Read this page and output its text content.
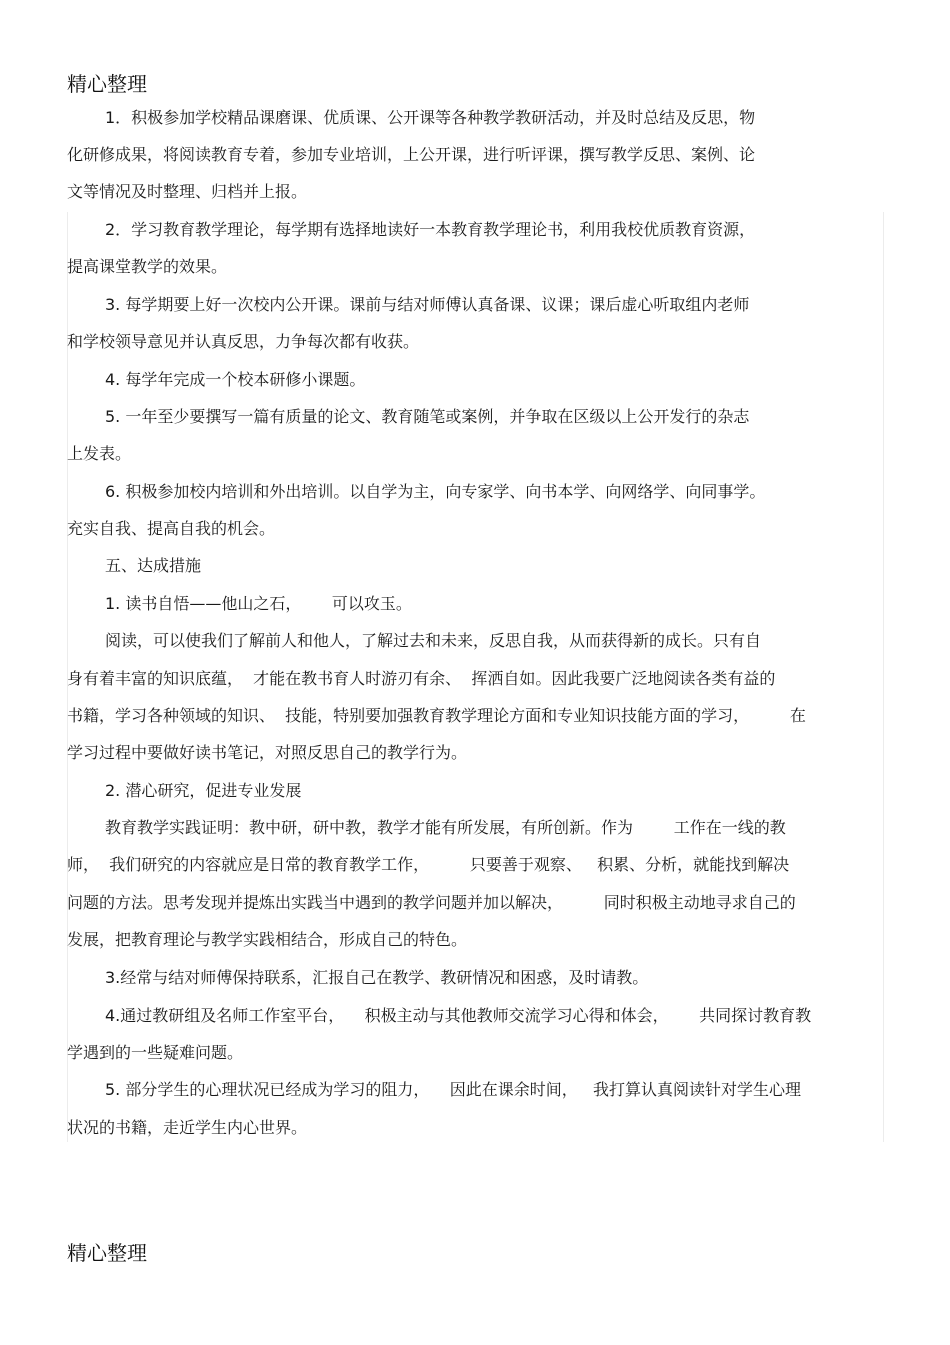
精心整理
1．积极参加学校精品课磨课、优质课、公开课等各种教学教研活动，并及时总结及反思，物
化研修成果，将阅读教育专着，参加专业培训，上公开课，进行听评课，撰写教学反思、案例、论
文等情况及时整理、归档并上报。
2．学习教育教学理论，每学期有选择地读好一本教育教学理论书，利用我校优质教育资源，
提高课堂教学的效果。
3. 每学期要上好一次校内公开课。课前与结对师傅认真备课、议课；课后虚心听取组内老师
和学校领导意见并认真反思，力争每次都有收获。
4. 每学年完成一个校本研修小课题。
5. 一年至少要撰写一篇有质量的论文、教育随笔或案例，并争取在区级以上公开发行的杂志
上发表。
6. 积极参加校内培训和外出培训。以自学为主，向专家学、向书本学、向网络学、向同事学。
充实自我、提高自我的机会。
五、达成措施
1. 读书自悟——他山之石，      可以攻玉。
阅读，可以使我们了解前人和他人，了解过去和未来，反思自我，从而获得新的成长。只有自
身有着丰富的知识底蕴，  才能在教书育人时游刃有余、  挥洒自如。因此我要广泛地阅读各类有益的
书籍，学习各种领域的知识、  技能，特别要加强教育教学理论方面和专业知识技能方面的学习，        在
学习过程中要做好读书笔记，对照反思自己的教学行为。
2. 潜心研究，促进专业发展
教育教学实践证明：教中研，研中教，教学才能有所发展，有所创新。作为        工作在一线的教
师，  我们研究的内容就应是日常的教育教学工作，        只要善于观察、   积累、分析，就能找到解决
问题的方法。思考发现并提炼出实践当中遇到的教学问题并加以解决，        同时积极主动地寻求自己的
发展，把教育理论与教学实践相结合，形成自己的特色。
3.经常与结对师傅保持联系，汇报自己在教学、教研情况和困惑，及时请教。
4.通过教研组及名师工作室平台，    积极主动与其他教师交流学习心得和体会，      共同探讨教育教
学遇到的一些疑难问题。
5. 部分学生的心理状况已经成为学习的阻力，    因此在课余时间，   我打算认真阅读针对学生心理
状况的书籍，走近学生内心世界。
精心整理
